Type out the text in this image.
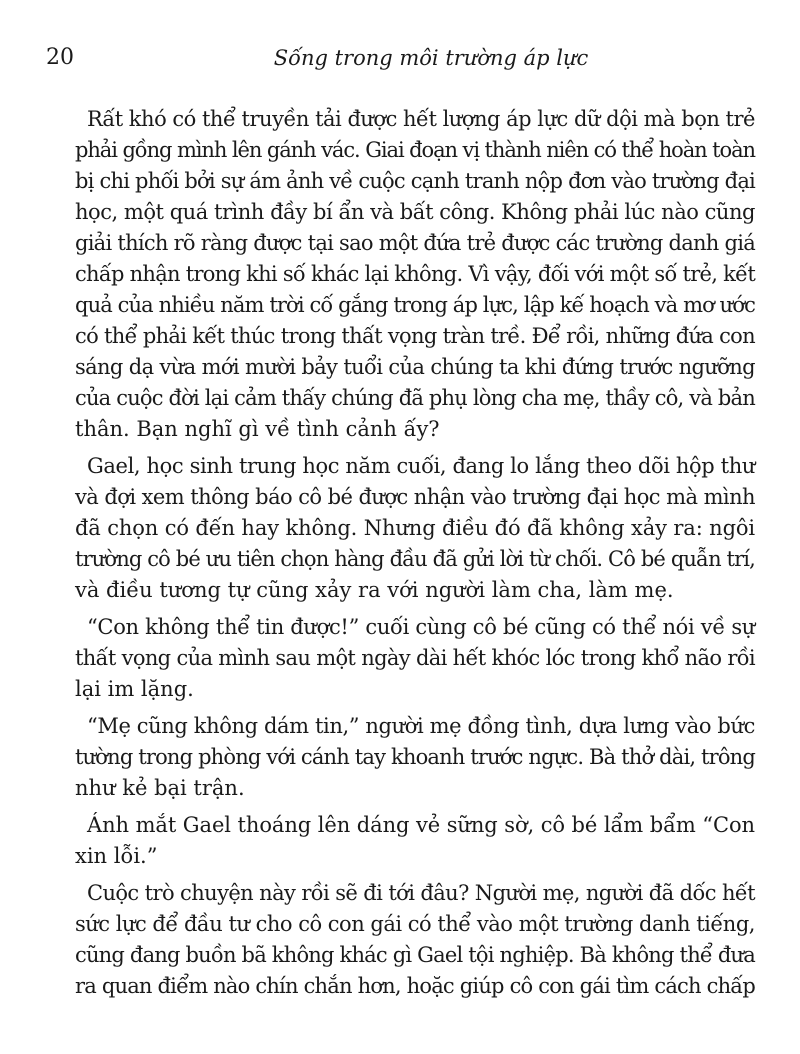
20	Sống trong môi trường áp lực

Rất khó có thể truyền tải được hết lượng áp lực dữ dội mà bọn trẻ
phải gồng mình lên gánh vác. Giai đoạn vị thành niên có thể hoàn toàn
bị chi phối bởi sự ám ảnh về cuộc cạnh tranh nộp đơn vào trường đại
học, một quá trình đầy bí ẩn và bất công. Không phải lúc nào cũng
giải thích rõ ràng được tại sao một đứa trẻ được các trường danh giá
chấp nhận trong khi số khác lại không. Vì vậy, đối với một số trẻ, kết
quả của nhiều năm trời cố gắng trong áp lực, lập kế hoạch và mơ ước
có thể phải kết thúc trong thất vọng tràn trề. Để rồi, những đứa con
sáng dạ vừa mới mười bảy tuổi của chúng ta khi đứng trước ngưỡng
của cuộc đời lại cảm thấy chúng đã phụ lòng cha mẹ, thầy cô, và bản
thân. Bạn nghĩ gì về tình cảnh ấy?

Gael, học sinh trung học năm cuối, đang lo lắng theo dõi hộp thư
và đợi xem thông báo cô bé được nhận vào trường đại học mà mình
đã chọn có đến hay không. Nhưng điều đó đã không xảy ra: ngôi
trường cô bé ưu tiên chọn hàng đầu đã gửi lời từ chối. Cô bé quẫn trí,
và điều tương tự cũng xảy ra với người làm cha, làm mẹ.

“Con không thể tin được!” cuối cùng cô bé cũng có thể nói về sự
thất vọng của mình sau một ngày dài hết khóc lóc trong khổ não rồi
lại im lặng.

“Mẹ cũng không dám tin,” người mẹ đồng tình, dựa lưng vào bức
tường trong phòng với cánh tay khoanh trước ngực. Bà thở dài, trông
như kẻ bại trận.

Ánh mắt Gael thoáng lên dáng vẻ sững sờ, cô bé lẩm bẩm “Con
xin lỗi.”

Cuộc trò chuyện này rồi sẽ đi tới đâu? Người mẹ, người đã dốc hết
sức lực để đầu tư cho cô con gái có thể vào một trường danh tiếng,
cũng đang buồn bã không khác gì Gael tội nghiệp. Bà không thể đưa
ra quan điểm nào chín chắn hơn, hoặc giúp cô con gái tìm cách chấp
